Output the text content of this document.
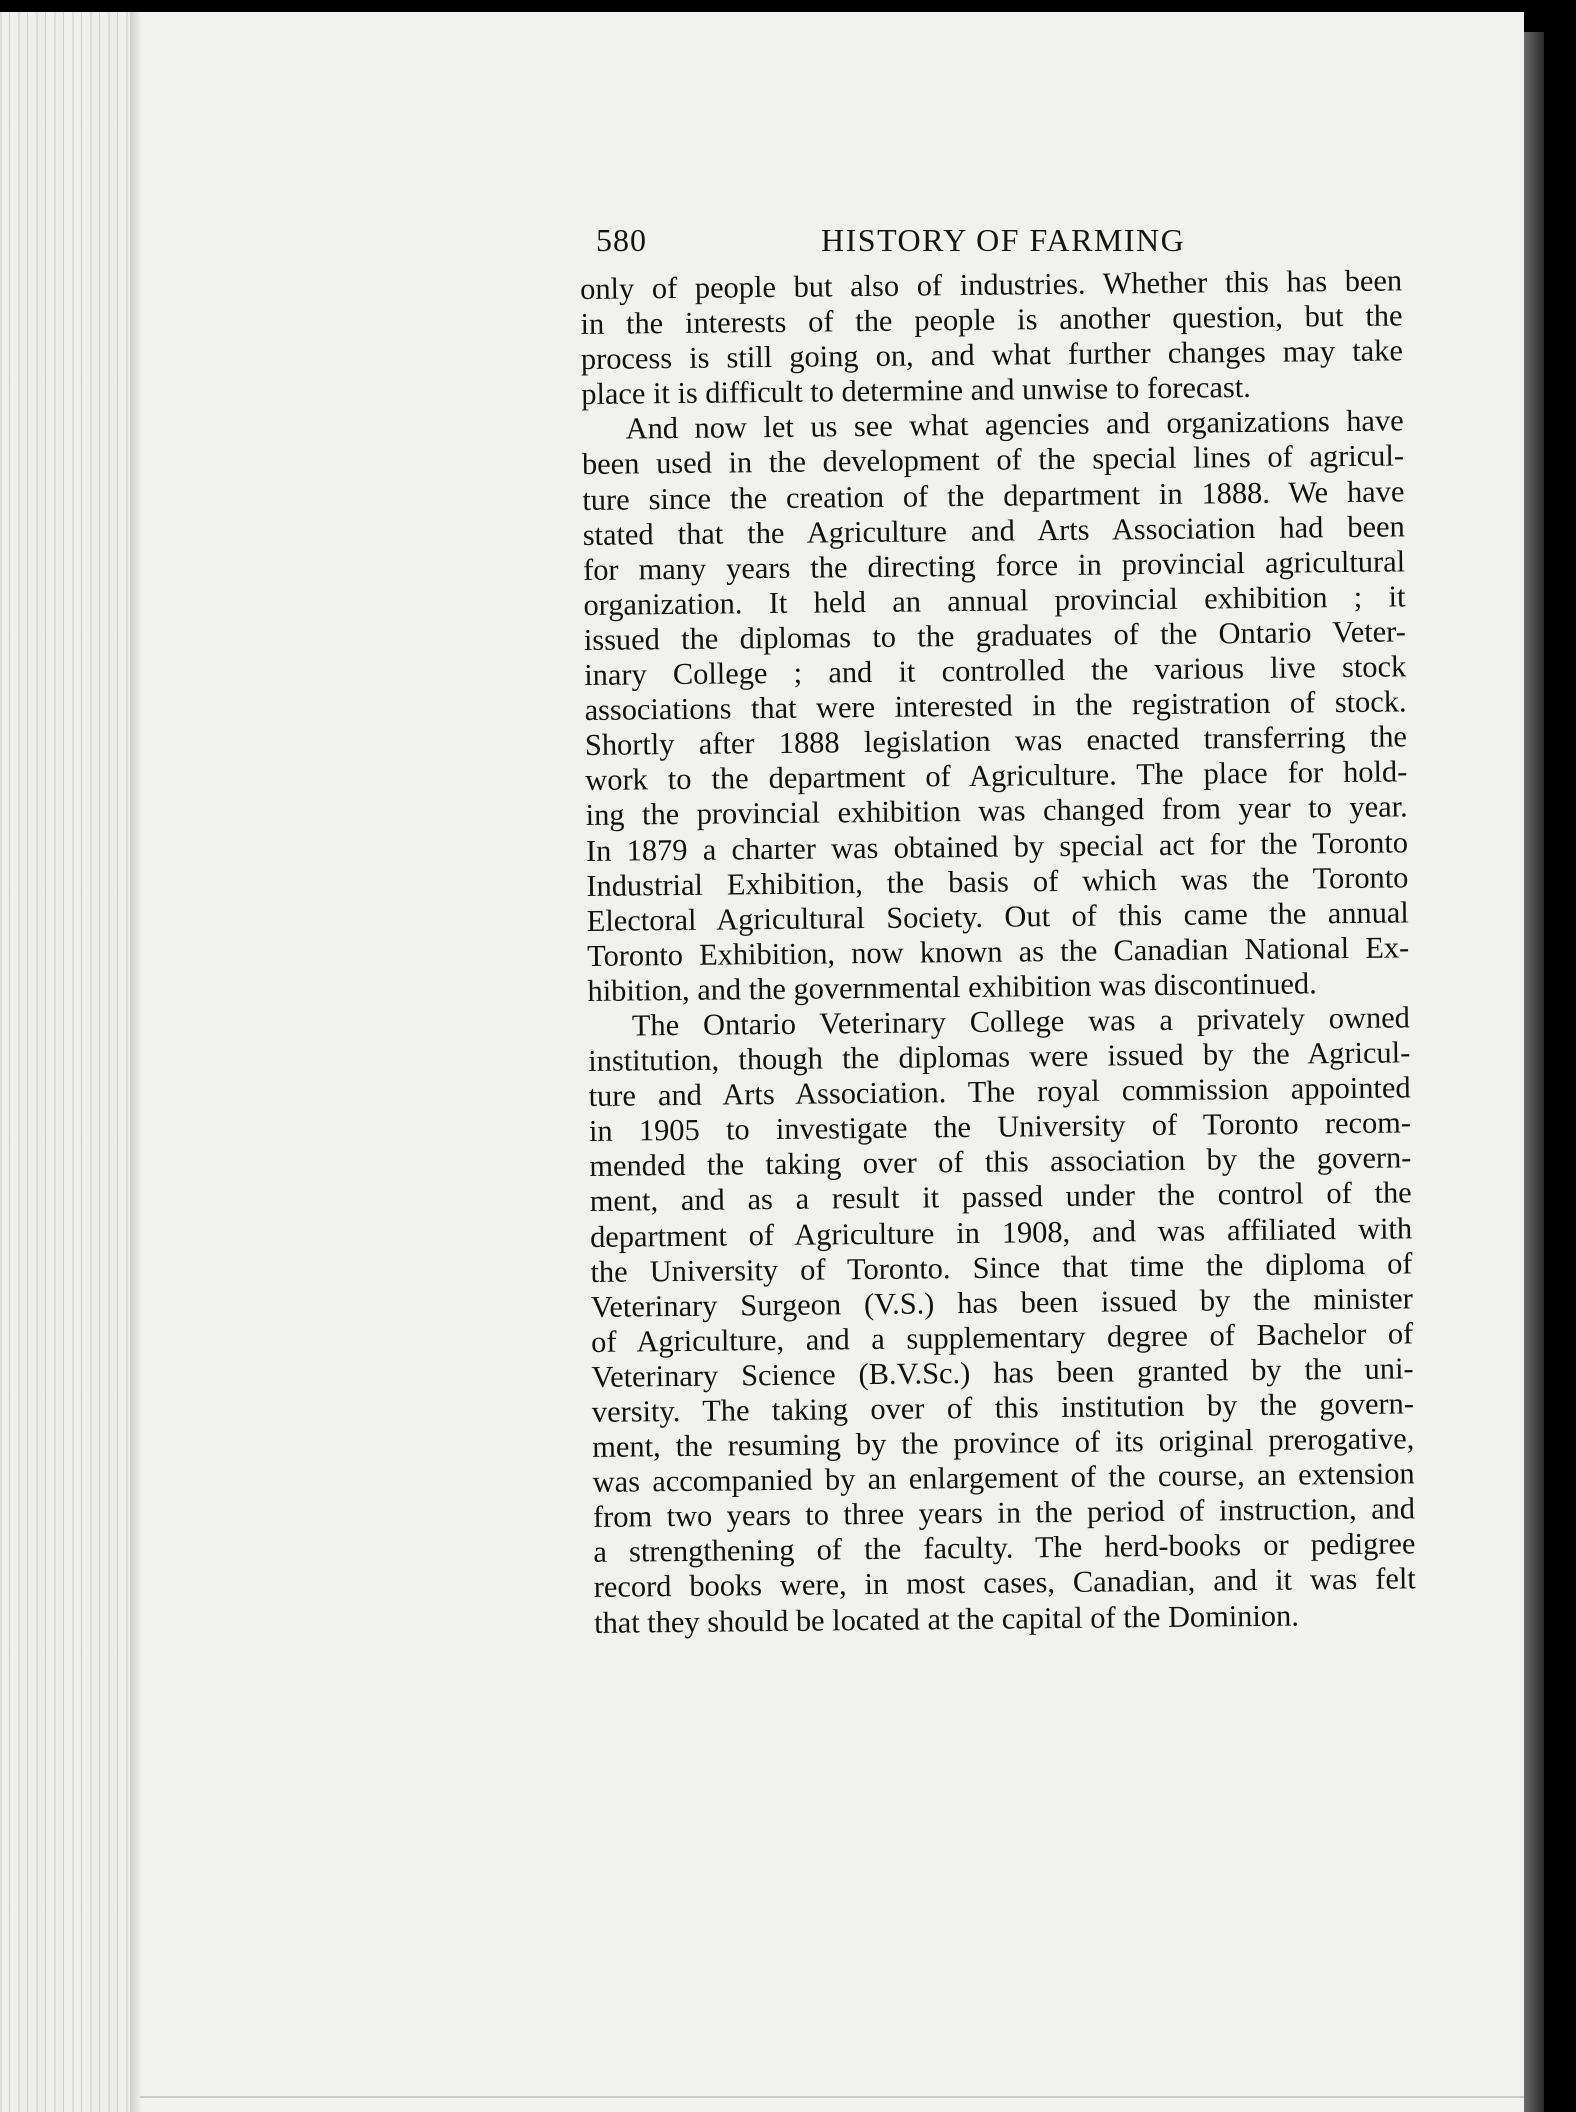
580	HISTORY OF FARMING
only of people but also of industries. Whether this has been
in the interests of the people is another question, but the
process is still going on, and what further changes may take
place it is difficult to determine and unwise to forecast.
And now let us see what agencies and organizations have
been used in the development of the special lines of agricul-
ture since the creation of the department in 1888. We have
stated that the Agriculture and Arts Association had been
for many years the directing force in provincial agricultural
organization. It held an annual provincial exhibition ; it
issued the diplomas to the graduates of the Ontario Veter-
inary College ; and it controlled the various live stock
associations that were interested in the registration of stock.
Shortly after 1888 legislation was enacted transferring the
work to the department of Agriculture. The place for hold-
ing the provincial exhibition was changed from year to year.
In 1879 a charter was obtained by special act for the Toronto
Industrial Exhibition, the basis of which was the Toronto
Electoral Agricultural Society. Out of this came the annual
Toronto Exhibition, now known as the Canadian National Ex-
hibition, and the governmental exhibition was discontinued.
The Ontario Veterinary College was a privately owned
institution, though the diplomas were issued by the Agricul-
ture and Arts Association. The royal commission appointed
in 1905 to investigate the University of Toronto recom-
mended the taking over of this association by the govern-
ment, and as a result it passed under the control of the
department of Agriculture in 1908, and was affiliated with
the University of Toronto. Since that time the diploma of
Veterinary Surgeon (V.S.) has been issued by the minister
of Agriculture, and a supplementary degree of Bachelor of
Veterinary Science (B.V.Sc.) has been granted by the uni-
versity. The taking over of this institution by the govern-
ment, the resuming by the province of its original prerogative,
was accompanied by an enlargement of the course, an extension
from two years to three years in the period of instruction, and
a strengthening of the faculty. The herd-books or pedigree
record books were, in most cases, Canadian, and it was felt
that they should be located at the capital of the Dominion.
